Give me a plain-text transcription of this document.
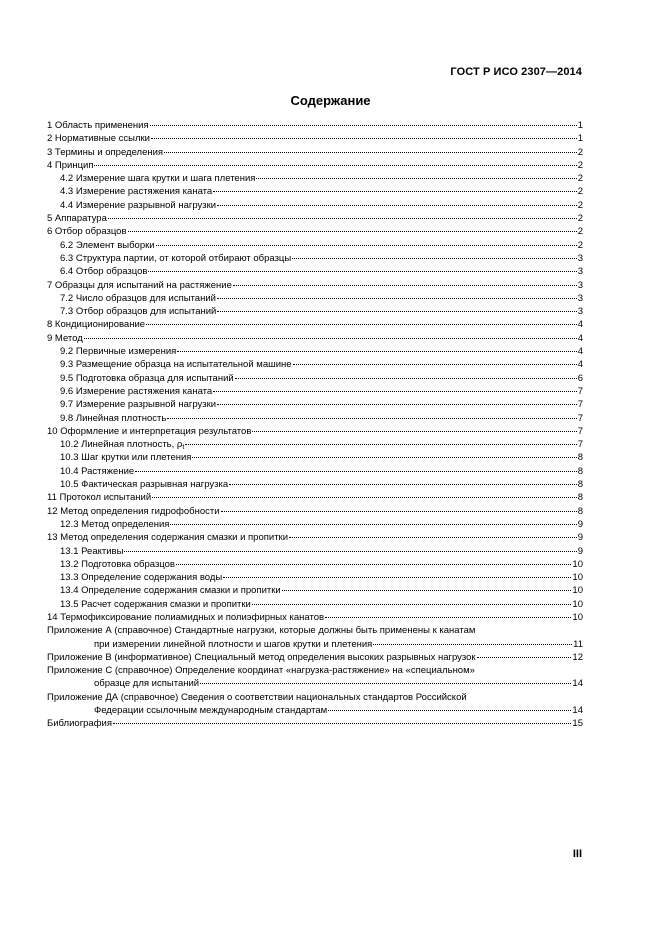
ГОСТ Р ИСО 2307—2014
Содержание
1 Область применения	1
2 Нормативные ссылки	1
3 Термины и определения	2
4 Принцип	2
4.2 Измерение шага крутки и шага плетения	2
4.3 Измерение растяжения каната	2
4.4 Измерение разрывной нагрузки	2
5 Аппаратура	2
6 Отбор образцов	2
6.2 Элемент выборки	2
6.3 Структура партии, от которой отбирают образцы	3
6.4 Отбор образцов	3
7 Образцы для испытаний на растяжение	3
7.2 Число образцов для испытаний	3
7.3 Отбор образцов для испытаний	3
8 Кондиционирование	4
9 Метод	4
9.2 Первичные измерения	4
9.3 Размещение образца на испытательной машине	4
9.5 Подготовка образца для испытаний	6
9.6 Измерение растяжения каната	7
9.7 Измерение разрывной нагрузки	7
9.8 Линейная плотность	7
10 Оформление и интерпретация результатов	7
10.2 Линейная плотность, $\rho_t$	7
10.3 Шаг крутки или плетения	8
10.4 Растяжение	8
10.5 Фактическая разрывная нагрузка	8
11 Протокол испытаний	8
12 Метод определения гидрофобности	8
12.3 Метод определения	9
13 Метод определения содержания смазки и пропитки	9
13.1 Реактивы	9
13.2 Подготовка образцов	10
13.3 Определение содержания воды	10
13.4 Определение содержания смазки и пропитки	10
13.5 Расчет содержания смазки и пропитки	10
14 Термофиксирование полиамидных и полиэфирных канатов	10
Приложение А (справочное) Стандартные нагрузки, которые должны быть применены к канатам
при измерении линейной плотности и шагов крутки и плетения	11
Приложение В (информативное) Специальный метод определения высоких разрывных нагрузок	12
Приложение С (справочное) Определение координат «нагрузка-растяжение» на «специальном»
образце для испытаний	14
Приложение ДА (справочное) Сведения о соответствии национальных стандартов Российской
Федерации ссылочным международным стандартам	14
Библиография	15
III
